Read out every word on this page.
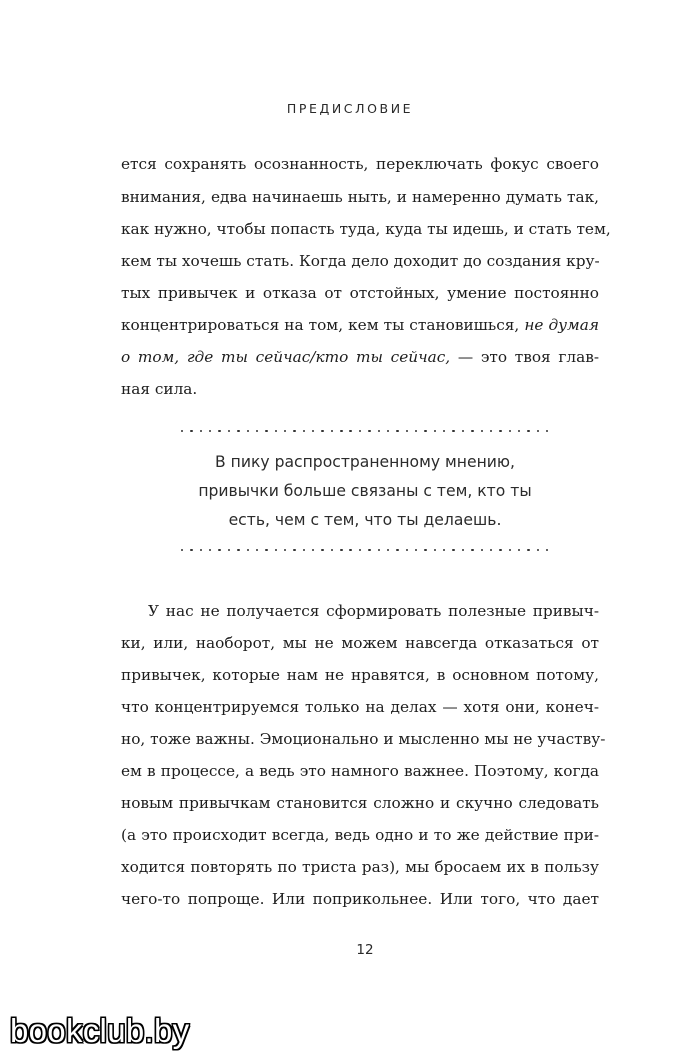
ПРЕДИСЛОВИЕ
ется сохранять осознанность, переключать фокус своего
внимания, едва начинаешь ныть, и намеренно думать так,
как нужно, чтобы попасть туда, куда ты идешь, и стать тем,
кем ты хочешь стать. Когда дело доходит до создания кру-
тых привычек и отказа от отстойных, умение постоянно
концентрироваться на том, кем ты становишься, не думая
о том, где ты сейчас/кто ты сейчас, — это твоя глав-
ная сила.
В пику распространенному мнению,
привычки больше связаны с тем, кто ты
есть, чем с тем, что ты делаешь.
У нас не получается сформировать полезные привыч-
ки, или, наоборот, мы не можем навсегда отказаться от
привычек, которые нам не нравятся, в основном потому,
что концентрируемся только на делах — хотя они, конеч-
но, тоже важны. Эмоционально и мысленно мы не участву-
ем в процессе, а ведь это намного важнее. Поэтому, когда
новым привычкам становится сложно и скучно следовать
(а это происходит всегда, ведь одно и то же действие при-
ходится повторять по триста раз), мы бросаем их в пользу
чего-то попроще. Или поприкольнее. Или того, что дает
12
bookclub.by
